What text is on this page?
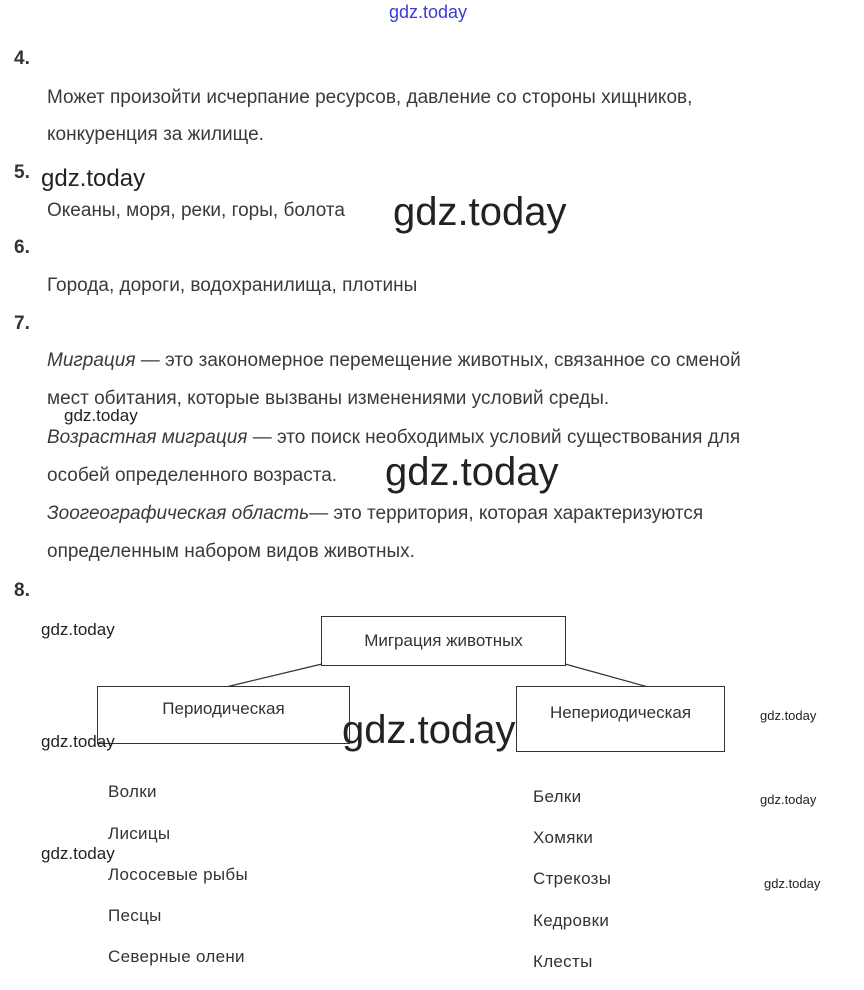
gdz.today
4.
Может произойти исчерпание ресурсов, давление со стороны хищников,
конкуренция за жилище.
5. gdz.today
Океаны, моря, реки, горы, болота gdz.today
6.
Города, дороги, водохранилища, плотины
7.
Миграция — это закономерное перемещение животных, связанное со сменой
мест обитания, которые вызваны изменениями условий среды.
gdz.today
Возрастная миграция — это поиск необходимых условий существования для
особей определенного возраста. gdz.today
Зоогеографическая область— это территория, которая характеризуются
определенным набором видов животных.
8.
Миграция животных
Периодическая	Непериодическая
gdz.today
gdz.today
gdz.today
gdz.today	gdz.today
gdz.today
gdz.today
Волки
Лисицы
Лососевые рыбы
Песцы
Северные олени
Белки
Хомяки
Стрекозы
Кедровки
Клесты
